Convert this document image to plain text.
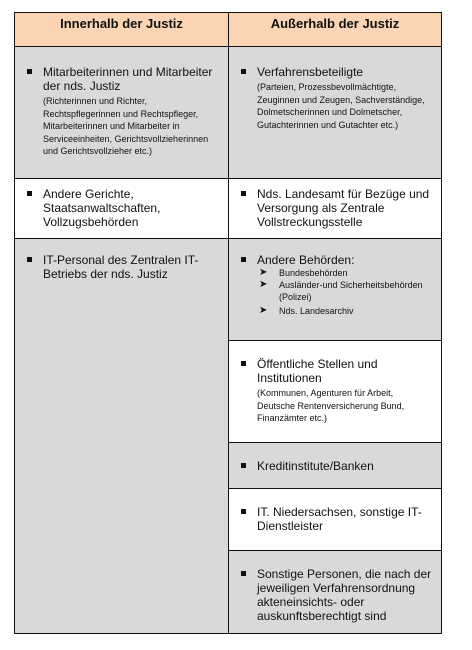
Innerhalb der Justiz	Außerhalb der Justiz
Mitarbeiterinnen und Mitarbeiter der nds. Justiz
(Richterinnen und Richter, Rechtspflegerinnen und Rechtspfleger, Mitarbeiterinnen und Mitarbeiter in Serviceeinheiten, Gerichtsvollzieherinnen und Gerichtsvollzieher etc.)
Andere Gerichte, Staatsanwaltschaften, Vollzugsbehörden
IT-Personal des Zentralen IT-Betriebs der nds. Justiz
Verfahrensbeteiligte
(Parteien, Prozessbevollmächtigte, Zeuginnen und Zeugen, Sachverständige, Dolmetscherinnen und Dolmetscher, Gutachterinnen und Gutachter etc.)
Nds. Landesamt für Bezüge und Versorgung als Zentrale Vollstreckungsstelle
Andere Behörden:
➤ Bundesbehörden
➤ Ausländer-und Sicherheitsbehörden (Polizei)
➤ Nds. Landesarchiv
Öffentliche Stellen und Institutionen
(Kommunen, Agenturen für Arbeit, Deutsche Rentenversicherung Bund, Finanzämter etc.)
Kreditinstitute/Banken
IT. Niedersachsen, sonstige IT-Dienstleister
Sonstige Personen, die nach der jeweiligen Verfahrensordnung akteneinsichts- oder auskunftsberechtigt sind
